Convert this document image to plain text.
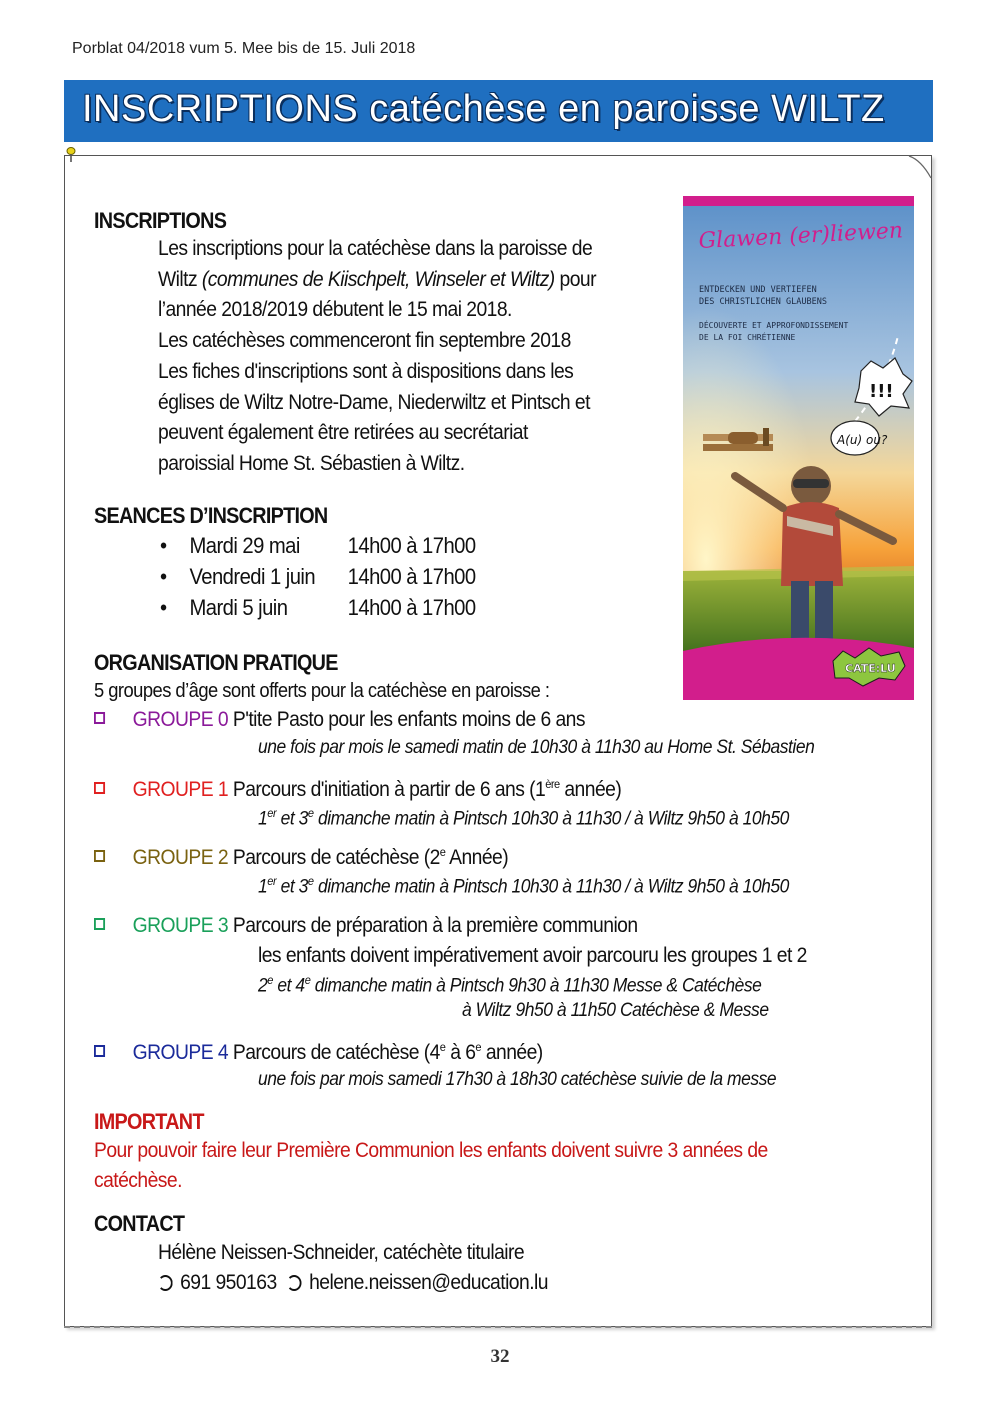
Porblat 04/2018 vum 5. Mee bis de 15. Juli 2018
INSCRIPTIONS catéchèse en paroisse WILTZ
INSCRIPTIONS
Les inscriptions pour la catéchèse dans la paroisse de
Wiltz (communes de Kiischpelt, Winseler et Wiltz) pour
l’année 2018/2019 débutent le 15 mai 2018.
Les catéchèses commenceront fin septembre 2018
Les fiches d'inscriptions sont à dispositions dans les
églises de Wiltz Notre-Dame, Niederwiltz et Pintsch et
peuvent également être retirées au secrétariat
paroissial Home St. Sébastien à Wiltz.
SEANCES D’INSCRIPTION
• Mardi 29 mai 14h00 à 17h00
• Vendredi 1 juin 14h00 à 17h00
• Mardi 5 juin	14h00 à 17h00
ORGANISATION PRATIQUE
5 groupes d’âge sont offerts pour la catéchèse en paroisse :
GROUPE 0 P'tite Pasto pour les enfants moins de 6 ans
une fois par mois le samedi matin de 10h30 à 11h30 au Home St. Sébastien
GROUPE 1 Parcours d'initiation à partir de 6 ans (1ère année)
1er et 3e dimanche matin à Pintsch 10h30 à 11h30 / à Wiltz 9h50 à 10h50
GROUPE 2 Parcours de catéchèse (2e Année)
1er et 3e dimanche matin à Pintsch 10h30 à 11h30 / à Wiltz 9h50 à 10h50
GROUPE 3 Parcours de préparation à la première communion
les enfants doivent impérativement avoir parcouru les groupes 1 et 2
2e et 4e dimanche matin à Pintsch 9h30 à 11h30 Messe & Catéchèse
à Wiltz 9h50 à 11h50 Catéchèse & Messe
GROUPE 4 Parcours de catéchèse (4e à 6e année)
une fois par mois samedi 17h30 à 18h30 catéchèse suivie de la messe
IMPORTANT
Pour pouvoir faire leur Première Communion les enfants doivent suivre 3 années de
catéchèse.
CONTACT
Hélène Neissen-Schneider, catéchète titulaire
691 950163 helene.neissen@education.lu
!!!
A(u) ou?
Glawen (er)liewen
ENTDECKEN UND VERTIEFEN
DES CHRISTLICHEN GLAUBENS
DÉCOUVERTE ET APPROFONDISSEMENT
DE LA FOI CHRÉTIENNE
CATE:LU
32
